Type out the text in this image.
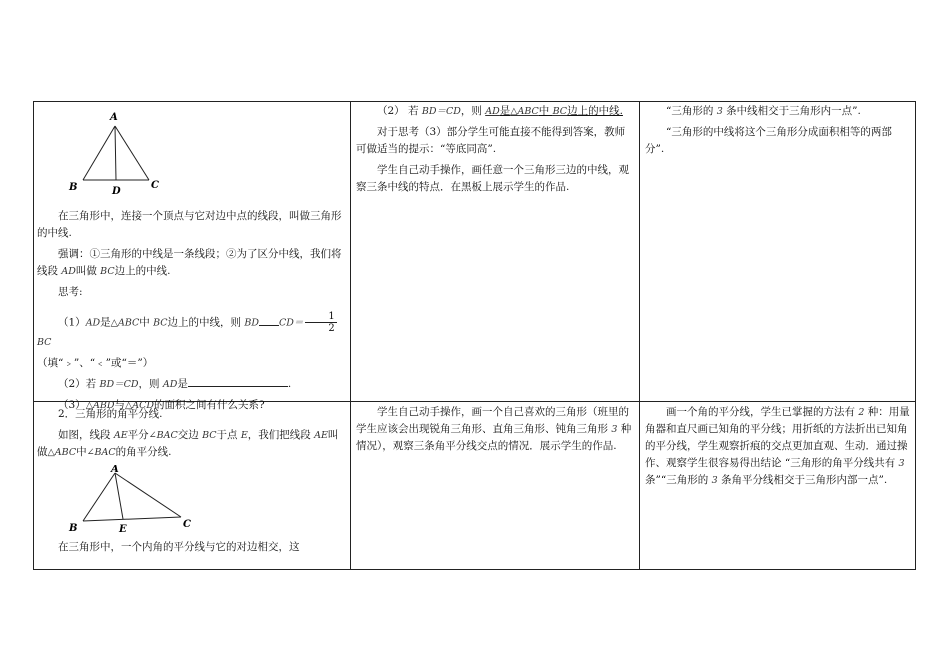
A
B	C
D

在三角形中，连接一个顶点与它对边中点的线段，叫做三角形的中线.

强调：①三角形的中线是一条线段；②为了区分中线，我们将线段 AD叫做 BC边上的中线.

思考:

（1）AD是△ABC中 BC边上的中线，则 BD $CD= \frac{1}{2}$
BC

（填“﹥”、“﹤”或“＝”）

（2）若 BD＝CD，则 AD是	.

（3）△ABD与△ACD的面积之间有什么关系?

（2） 若 BD＝CD，则 AD是△ABC中 BC边上的中线.

对于思考（3）部分学生可能直接不能得到答案，教师可做适当的提示：“等底同高”.

学生自己动手操作，画任意一个三角形三边的中线，观察三条中线的特点．在黑板上展示学生的作品.

“三角形的 3 条中线相交于三角形内一点”.

“三角形的中线将这个三角形分成面积相等的两部分”.

2．三角形的角平分线.

如图，线段 AE平分∠BAC交边 BC于点 E，我们把线段 AE叫做△ABC中∠BAC的角平分线.

A
B	C
E

在三角形中，一个内角的平分线与它的对边相交，这

学生自己动手操作，画一个自己喜欢的三角形（班里的学生应该会出现锐角三角形、直角三角形、钝角三角形 3 种情况），观察三条角平分线交点的情况．展示学生的作品.

画一个角的平分线，学生已掌握的方法有 2 种：用量角器和直尺画已知角的平分线；用折纸的方法折出已知角的平分线，学生观察折痕的交点更加直观、生动．通过操作、观察学生很容易得出结论 “三角形的角平分线共有 3 条”“三角形的 3 条角平分线相交于三角形内部一点”.
